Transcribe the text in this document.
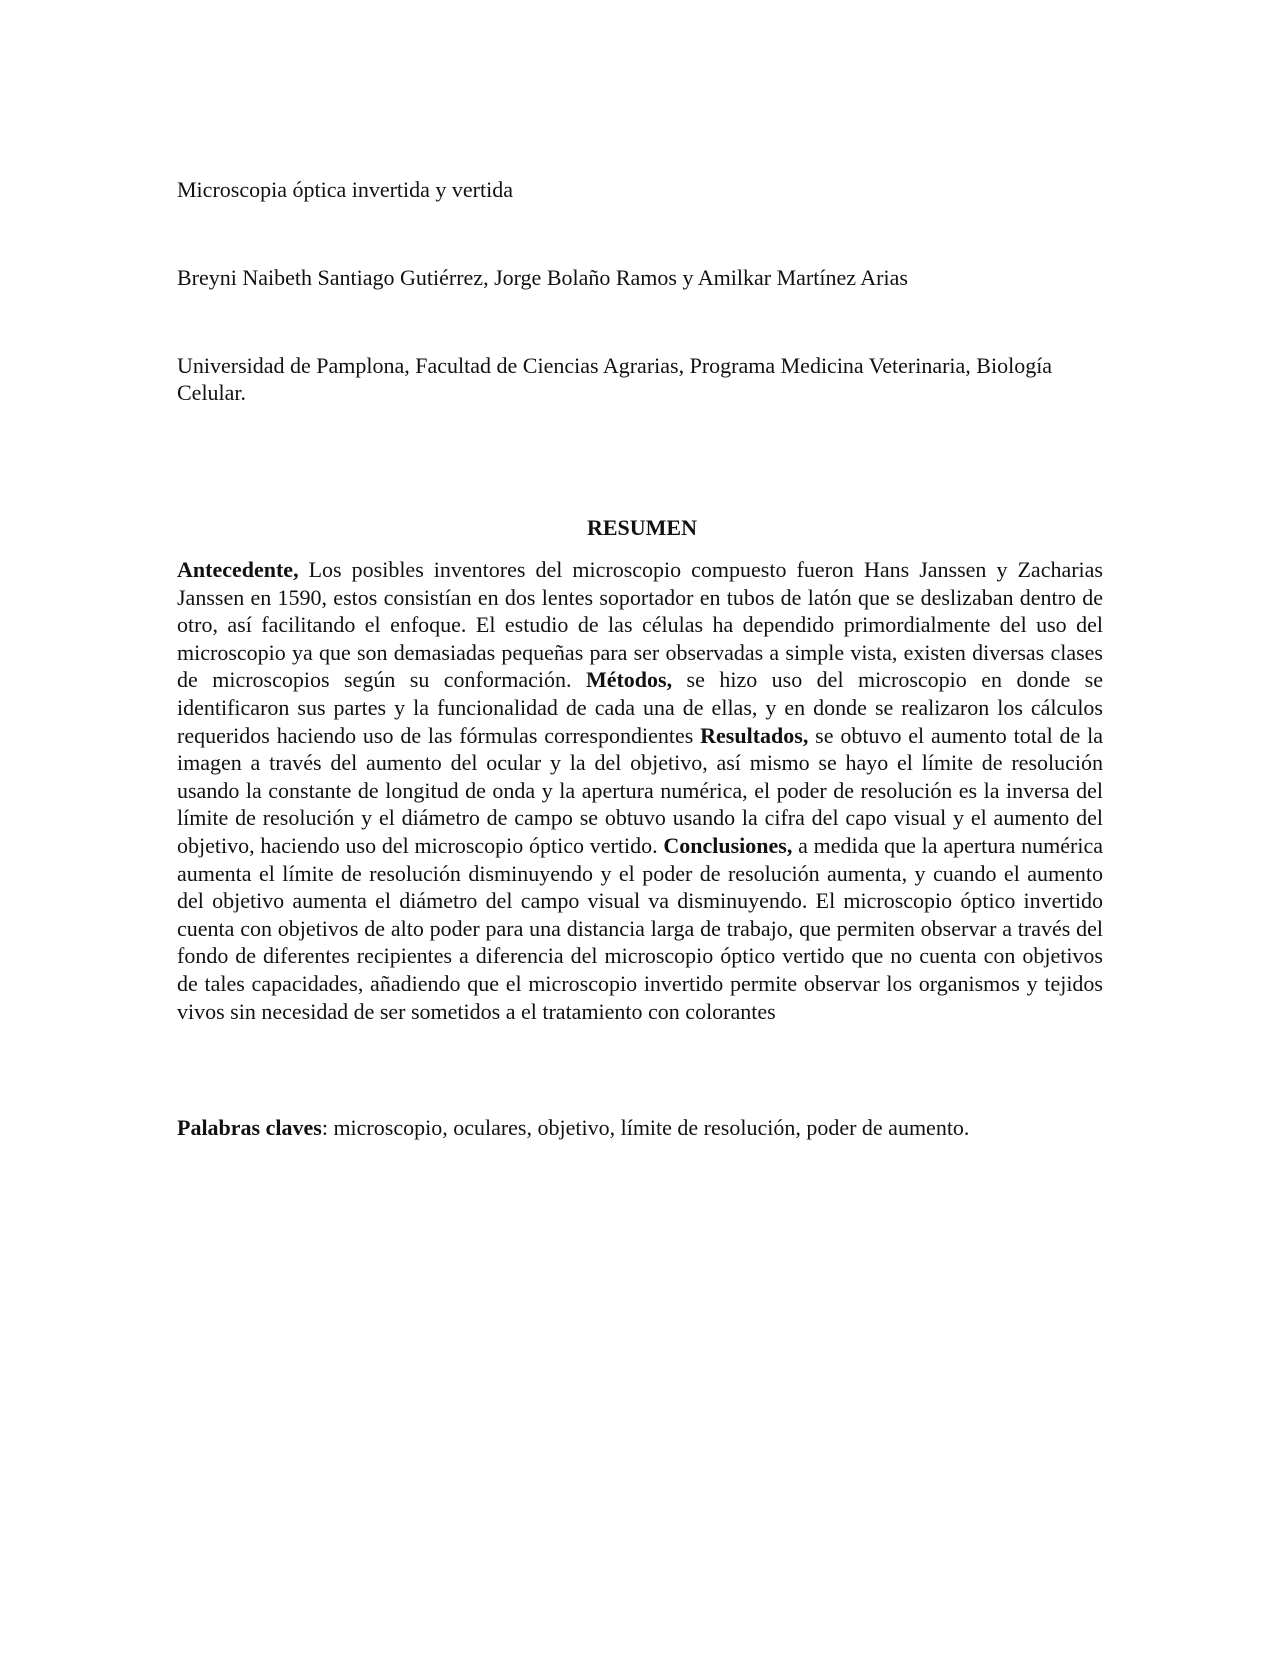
Microscopia óptica invertida y vertida

Breyni Naibeth Santiago Gutiérrez, Jorge Bolaño Ramos y Amilkar Martínez Arias

Universidad de Pamplona, Facultad de Ciencias Agrarias, Programa Medicina Veterinaria, Biología Celular.

RESUMEN

Antecedente, Los posibles inventores del microscopio compuesto fueron Hans Janssen y Zacharias Janssen en 1590, estos consistían en dos lentes soportador en tubos de latón que se deslizaban dentro de otro, así facilitando el enfoque. El estudio de las células ha dependido primordialmente del uso del microscopio ya que son demasiadas pequeñas para ser observadas a simple vista, existen diversas clases de microscopios según su conformación. Métodos, se hizo uso del microscopio en donde se identificaron sus partes y la funcionalidad de cada una de ellas, y en donde se realizaron los cálculos requeridos haciendo uso de las fórmulas correspondientes Resultados, se obtuvo el aumento total de la imagen a través del aumento del ocular y la del objetivo, así mismo se hayo el límite de resolución usando la constante de longitud de onda y la apertura numérica, el poder de resolución es la inversa del límite de resolución y el diámetro de campo se obtuvo usando la cifra del capo visual y el aumento del objetivo, haciendo uso del microscopio óptico vertido. Conclusiones, a medida que la apertura numérica aumenta el límite de resolución disminuyendo y el poder de resolución aumenta, y cuando el aumento del objetivo aumenta el diámetro del campo visual va disminuyendo. El microscopio óptico invertido cuenta con objetivos de alto poder para una distancia larga de trabajo, que permiten observar a través del fondo de diferentes recipientes a diferencia del microscopio óptico vertido que no cuenta con objetivos de tales capacidades, añadiendo que el microscopio invertido permite observar los organismos y tejidos vivos sin necesidad de ser sometidos a el tratamiento con colorantes

Palabras claves: microscopio, oculares, objetivo, límite de resolución, poder de aumento.
